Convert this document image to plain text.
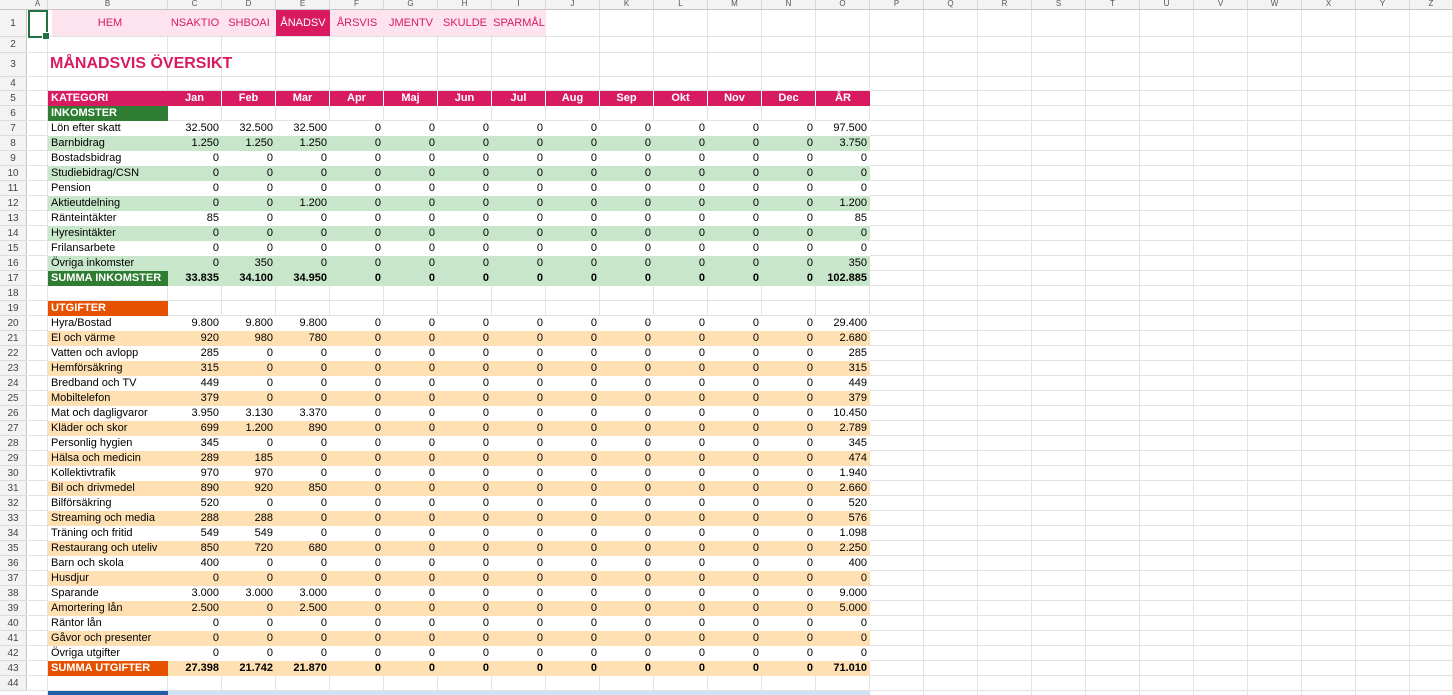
A	B	C	D	E	F	G	H	I	J	K	L	M	N	O	P	Q	R	S	T	U	V	W	X	Y	Z
1
2
3
4
5
6
7
8
9
10
11
12
13
14
15
16
17
18
19
20
21
22
23
24
25
26
27
28
29
30
31
32
33
34
35
36
37
38
39
40
41
42
43
44
HEM	NSAKTIO SHBOAI ÅNADSV	ÅRSVIS	JMENTV SKULDE SPARMÅL
MÅNADSVIS ÖVERSIKT
KATEGORI	Jan	Feb	Mar	Apr	Maj	Jun	Jul	Aug	Sep	Okt	Nov	Dec	ÅR
INKOMSTER
Lön efter skatt	32.500	32.500	32.500	0	0	0	0	0	0	0	0	0	97.500
Barnbidrag	1.250	1.250	1.250	0	0	0	0	0	0	0	0	0	3.750
Bostadsbidrag	0	0	0	0	0	0	0	0	0	0	0	0	0
Studiebidrag/CSN	0	0	0	0	0	0	0	0	0	0	0	0	0
Pension	0	0	0	0	0	0	0	0	0	0	0	0	0
Aktieutdelning	0	0	1.200	0	0	0	0	0	0	0	0	0	1.200
Ränteintäkter	85	0	0	0	0	0	0	0	0	0	0	0	85
Hyresintäkter	0	0	0	0	0	0	0	0	0	0	0	0	0
Frilansarbete	0	0	0	0	0	0	0	0	0	0	0	0	0
Övriga inkomster	0	350	0	0	0	0	0	0	0	0	0	0	350
SUMMA INKOMSTER	33.835	34.100	34.950	0	0	0	0	0	0	0	0	0	102.885
UTGIFTER
Hyra/Bostad	9.800	9.800	9.800	0	0	0	0	0	0	0	0	0	29.400
El och värme	920	980	780	0	0	0	0	0	0	0	0	0	2.680
Vatten och avlopp	285	0	0	0	0	0	0	0	0	0	0	0	285
Hemförsäkring	315	0	0	0	0	0	0	0	0	0	0	0	315
Bredband och TV	449	0	0	0	0	0	0	0	0	0	0	0	449
Mobiltelefon	379	0	0	0	0	0	0	0	0	0	0	0	379
Mat och dagligvaror	3.950	3.130	3.370	0	0	0	0	0	0	0	0	0	10.450
Kläder och skor	699	1.200	890	0	0	0	0	0	0	0	0	0	2.789
Personlig hygien	345	0	0	0	0	0	0	0	0	0	0	0	345
Hälsa och medicin	289	185	0	0	0	0	0	0	0	0	0	0	474
Kollektivtrafik	970	970	0	0	0	0	0	0	0	0	0	0	1.940
Bil och drivmedel	890	920	850	0	0	0	0	0	0	0	0	0	2.660
Bilförsäkring	520	0	0	0	0	0	0	0	0	0	0	0	520
Streaming och media	288	288	0	0	0	0	0	0	0	0	0	0	576
Träning och fritid	549	549	0	0	0	0	0	0	0	0	0	0	1.098
Restaurang och uteliv	850	720	680	0	0	0	0	0	0	0	0	0	2.250
Barn och skola	400	0	0	0	0	0	0	0	0	0	0	0	400
Husdjur	0	0	0	0	0	0	0	0	0	0	0	0	0
Sparande	3.000	3.000	3.000	0	0	0	0	0	0	0	0	0	9.000
Amortering lån	2.500	0	2.500	0	0	0	0	0	0	0	0	0	5.000
Räntor lån	0	0	0	0	0	0	0	0	0	0	0	0	0
Gåvor och presenter	0	0	0	0	0	0	0	0	0	0	0	0	0
Övriga utgifter	0	0	0	0	0	0	0	0	0	0	0	0	0
SUMMA UTGIFTER	27.398	21.742	21.870	0	0	0	0	0	0	0	0	0	71.010
